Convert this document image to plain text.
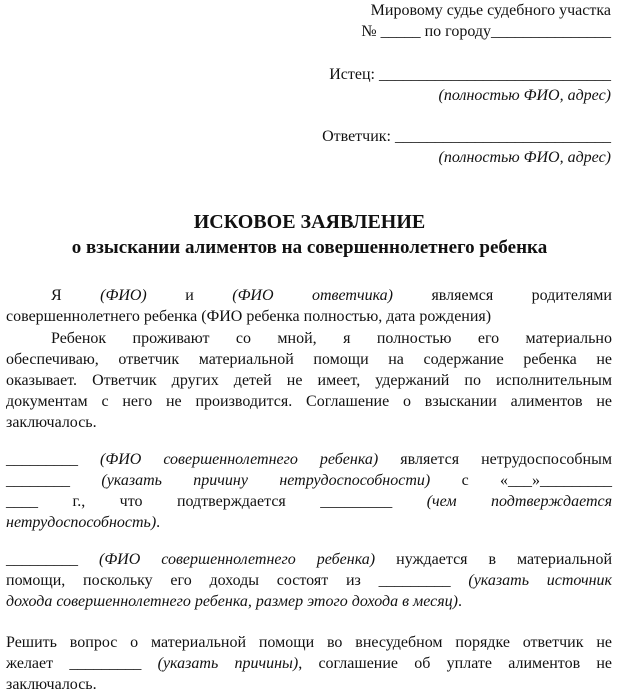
Мировому судье судебного участка
№ _____ по городу_______________
Истец: _____________________________
(полностью ФИО, адрес)
Ответчик: ___________________________
(полностью ФИО, адрес)
ИСКОВОЕ ЗАЯВЛЕНИЕ
о взыскании алиментов на совершеннолетнего ребенка
Я (ФИО) и (ФИО ответчика) являемся родителями
совершеннолетнего ребенка (ФИО ребенка полностью, дата рождения)
Ребенок проживают со мной, я полностью его материально
обеспечиваю, ответчик материальной помощи на содержание ребенка не
оказывает. Ответчик других детей не имеет, удержаний по исполнительным
документам с него не производится. Соглашение о взыскании алиментов не
заключалось.
_________ (ФИО совершеннолетнего ребенка) является нетрудоспособным
________ (указать причину нетрудоспособности) с «___»_________
____ г., что подтверждается _________ (чем подтверждается
нетрудоспособность).
_________ (ФИО совершеннолетнего ребенка) нуждается в материальной
помощи, поскольку его доходы состоят из _________ (указать источник
дохода совершеннолетнего ребенка, размер этого дохода в месяц).
Решить вопрос о материальной помощи во внесудебном порядке ответчик не
желает _________ (указать причины), соглашение об уплате алиментов не
заключалось.
